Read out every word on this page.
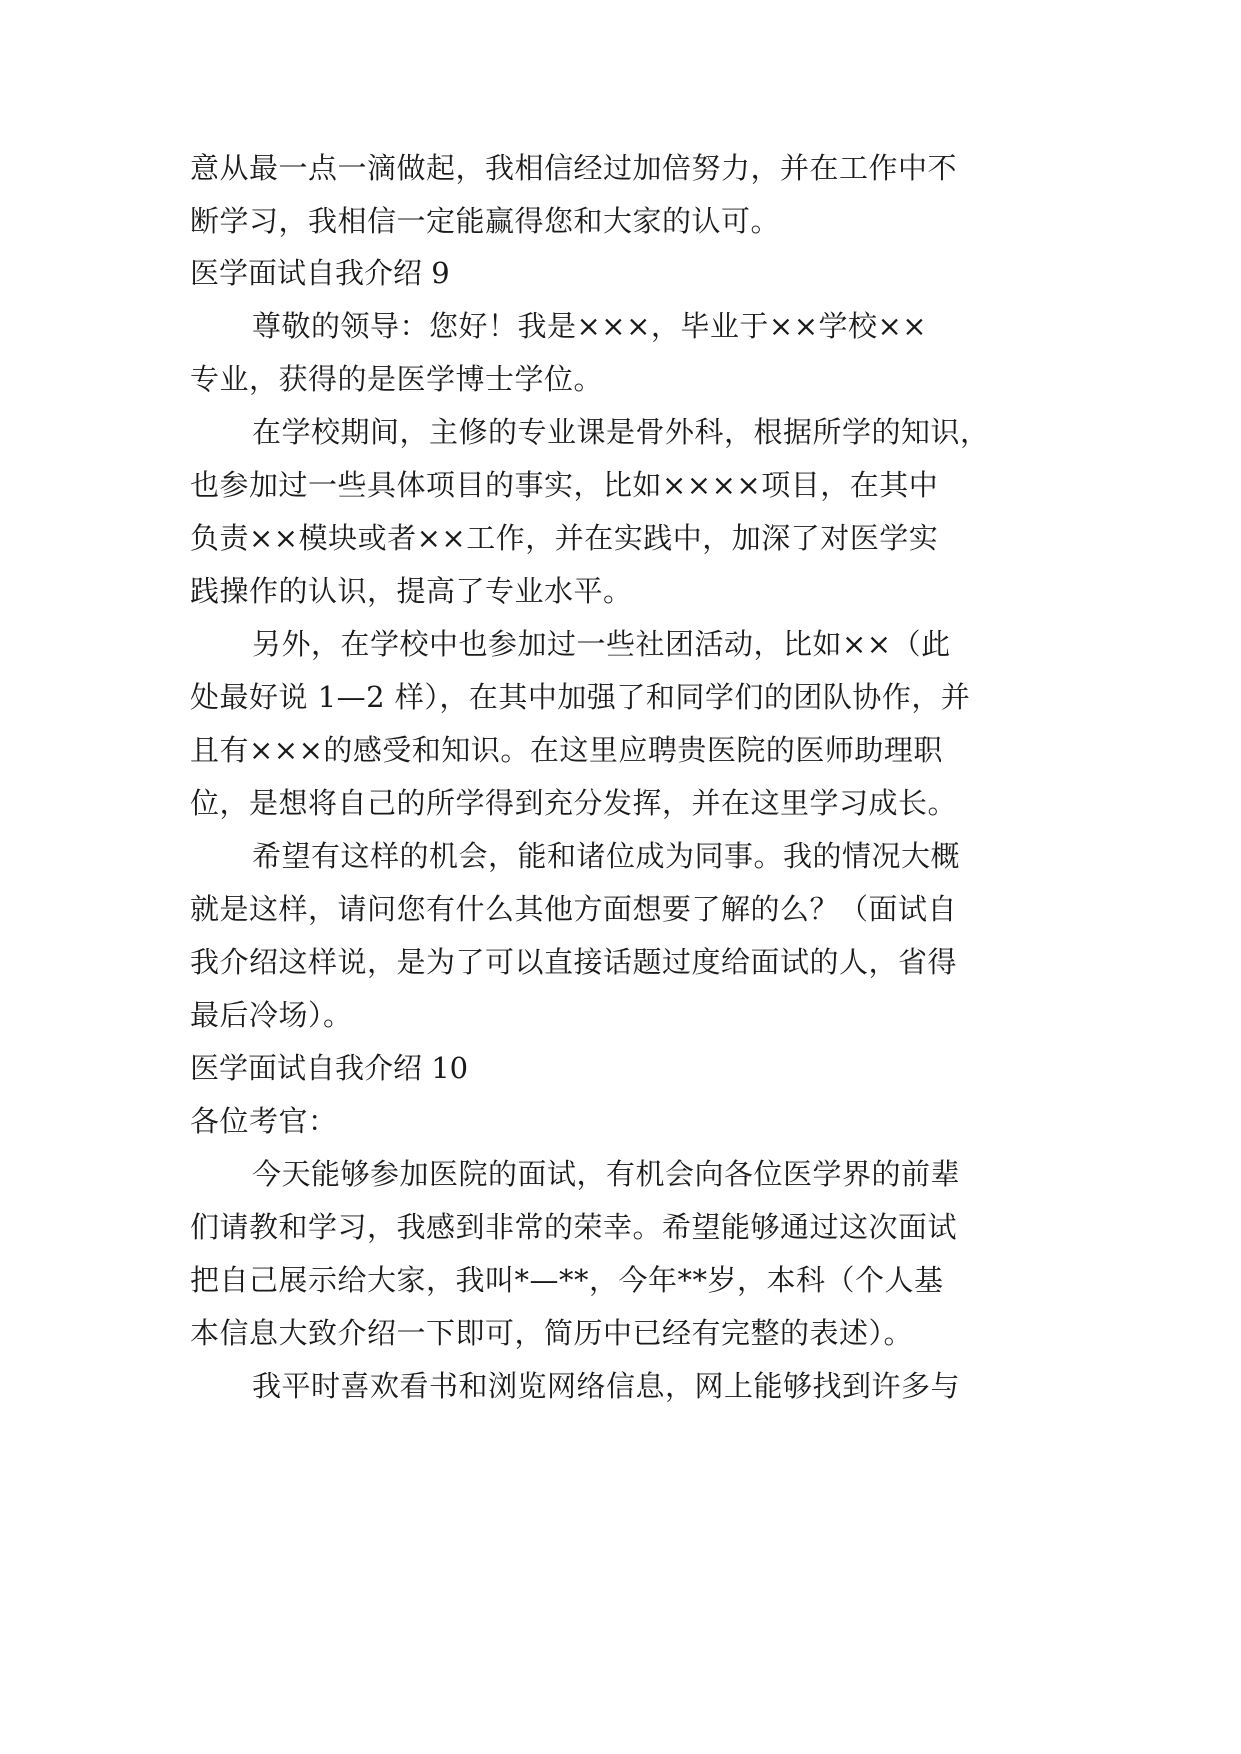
意从最一点一滴做起，我相信经过加倍努力，并在工作中不
断学习，我相信一定能赢得您和大家的认可。
医学面试自我介绍 9
尊敬的领导：您好！我是×××，毕业于××学校××
专业，获得的是医学博士学位。
在学校期间，主修的专业课是骨外科，根据所学的知识，
也参加过一些具体项目的事实，比如××××项目，在其中
负责××模块或者××工作，并在实践中，加深了对医学实
践操作的认识，提高了专业水平。
另外，在学校中也参加过一些社团活动，比如××（此
处最好说 1—2 样），在其中加强了和同学们的团队协作，并
且有×××的感受和知识。在这里应聘贵医院的医师助理职
位，是想将自己的所学得到充分发挥，并在这里学习成长。
希望有这样的机会，能和诸位成为同事。我的情况大概
就是这样，请问您有什么其他方面想要了解的么？（面试自
我介绍这样说，是为了可以直接话题过度给面试的人，省得
最后冷场）。
医学面试自我介绍 10
各位考官：
今天能够参加医院的面试，有机会向各位医学界的前辈
们请教和学习，我感到非常的荣幸。希望能够通过这次面试
把自己展示给大家，我叫*—**，今年**岁，本科（个人基
本信息大致介绍一下即可，简历中已经有完整的表述）。
我平时喜欢看书和浏览网络信息，网上能够找到许多与
